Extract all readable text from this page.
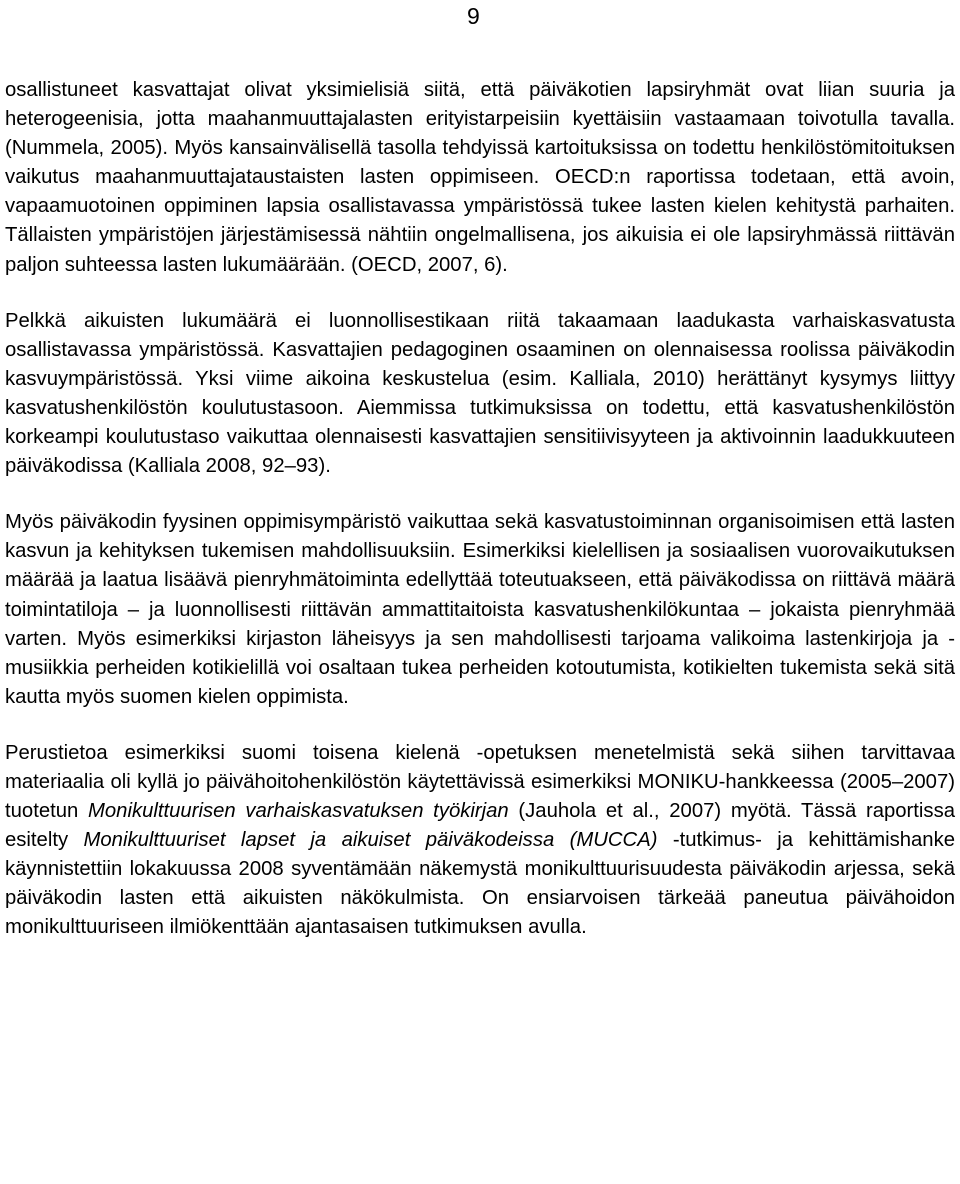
9

osallistuneet kasvattajat olivat yksimielisiä siitä, että päiväkotien lapsiryhmät ovat liian suuria ja heterogeenisia, jotta maahanmuuttajalasten erityistarpeisiin kyettäisiin vastaamaan toivotulla tavalla. (Nummela, 2005). Myös kansainvälisellä tasolla tehdyissä kartoituksissa on todettu henkilöstömitoituksen vaikutus maahanmuuttajataustaisten lasten oppimiseen. OECD:n raportissa todetaan, että avoin, vapaamuotoinen oppiminen lapsia osallistavassa ympäristössä tukee lasten kielen kehitystä parhaiten. Tällaisten ympäristöjen järjestämisessä nähtiin ongelmallisena, jos aikuisia ei ole lapsiryhmässä riittävän paljon suhteessa lasten lukumäärään. (OECD, 2007, 6).

Pelkkä aikuisten lukumäärä ei luonnollisestikaan riitä takaamaan laadukasta varhaiskasvatusta osallistavassa ympäristössä. Kasvattajien pedagoginen osaaminen on olennaisessa roolissa päiväkodin kasvuympäristössä. Yksi viime aikoina keskustelua (esim. Kalliala, 2010) herättänyt kysymys liittyy kasvatushenkilöstön koulutustasoon. Aiemmissa tutkimuksissa on todettu, että kasvatushenkilöstön korkeampi koulutustaso vaikuttaa olennaisesti kasvattajien sensitiivisyyteen ja aktivoinnin laadukkuuteen päiväkodissa (Kalliala 2008, 92–93).

Myös päiväkodin fyysinen oppimisympäristö vaikuttaa sekä kasvatustoiminnan organisoimisen että lasten kasvun ja kehityksen tukemisen mahdollisuuksiin. Esimerkiksi kielellisen ja sosiaalisen vuorovaikutuksen määrää ja laatua lisäävä pienryhmätoiminta edellyttää toteutuakseen, että päiväkodissa on riittävä määrä toimintatiloja – ja luonnollisesti riittävän ammattitaitoista kasvatushenkilökuntaa – jokaista pienryhmää varten. Myös esimerkiksi kirjaston läheisyys ja sen mahdollisesti tarjoama valikoima lastenkirjoja ja -musiikkia perheiden kotikielillä voi osaltaan tukea perheiden kotoutumista, kotikielten tukemista sekä sitä kautta myös suomen kielen oppimista.

Perustietoa esimerkiksi suomi toisena kielenä -opetuksen menetelmistä sekä siihen tarvittavaa materiaalia oli kyllä jo päivähoitohenkilöstön käytettävissä esimerkiksi MONIKU-hankkeessa (2005–2007) tuotetun Monikulttuurisen varhaiskasvatuksen työkirjan (Jauhola et al., 2007) myötä. Tässä raportissa esitelty Monikulttuuriset lapset ja aikuiset päiväkodeissa (MUCCA) -tutkimus- ja kehittämishanke käynnistettiin lokakuussa 2008 syventämään näkemystä monikulttuurisuudesta päiväkodin arjessa, sekä päiväkodin lasten että aikuisten näkökulmista. On ensiarvoisen tärkeää paneutua päivähoidon monikulttuuriseen ilmiökenttään ajantasaisen tutkimuksen avulla.
